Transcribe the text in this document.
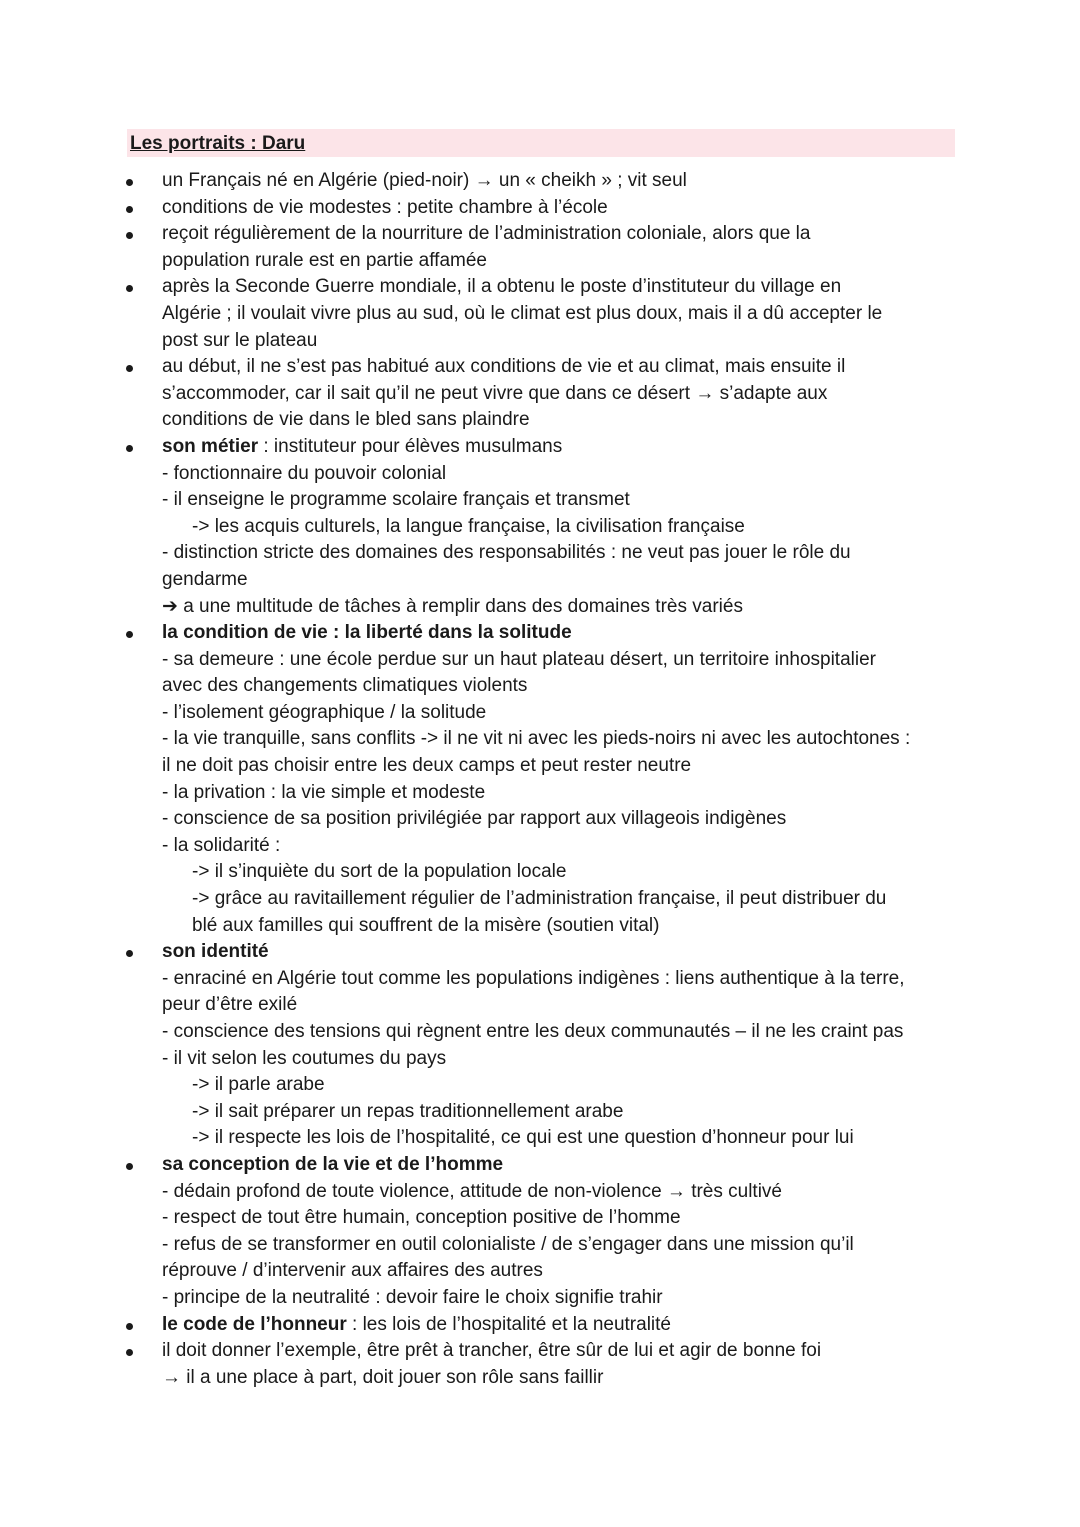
Les portraits : Daru
un Français né en Algérie (pied-noir) → un « cheikh » ; vit seul
conditions de vie modestes : petite chambre à l’école
reçoit régulièrement de la nourriture de l’administration coloniale, alors que la
population rurale est en partie affamée
après la Seconde Guerre mondiale, il a obtenu le poste d’instituteur du village en
Algérie ; il voulait vivre plus au sud, où le climat est plus doux, mais il a dû accepter le
post sur le plateau
au début, il ne s’est pas habitué aux conditions de vie et au climat, mais ensuite il
s’accommoder, car il sait qu’il ne peut vivre que dans ce désert → s’adapte aux
conditions de vie dans le bled sans plaindre
son métier : instituteur pour élèves musulmans
- fonctionnaire du pouvoir colonial
- il enseigne le programme scolaire français et transmet
-> les acquis culturels, la langue française, la civilisation française
- distinction stricte des domaines des responsabilités : ne veut pas jouer le rôle du
gendarme
➔ a une multitude de tâches à remplir dans des domaines très variés
la condition de vie : la liberté dans la solitude
- sa demeure : une école perdue sur un haut plateau désert, un territoire inhospitalier
avec des changements climatiques violents
- l’isolement géographique / la solitude
- la vie tranquille, sans conflits -> il ne vit ni avec les pieds-noirs ni avec les autochtones :
il ne doit pas choisir entre les deux camps et peut rester neutre
- la privation : la vie simple et modeste
- conscience de sa position privilégiée par rapport aux villageois indigènes
- la solidarité :
-> il s’inquiète du sort de la population locale
-> grâce au ravitaillement régulier de l’administration française, il peut distribuer du
blé aux familles qui souffrent de la misère (soutien vital)
son identité
- enraciné en Algérie tout comme les populations indigènes : liens authentique à la terre,
peur d’être exilé
- conscience des tensions qui règnent entre les deux communautés – il ne les craint pas
- il vit selon les coutumes du pays
-> il parle arabe
-> il sait préparer un repas traditionnellement arabe
-> il respecte les lois de l’hospitalité, ce qui est une question d’honneur pour lui
sa conception de la vie et de l’homme
- dédain profond de toute violence, attitude de non-violence → très cultivé
- respect de tout être humain, conception positive de l’homme
- refus de se transformer en outil colonialiste / de s’engager dans une mission qu’il
réprouve / d’intervenir aux affaires des autres
- principe de la neutralité : devoir faire le choix signifie trahir
le code de l’honneur : les lois de l’hospitalité et la neutralité
il doit donner l’exemple, être prêt à trancher, être sûr de lui et agir de bonne foi
→ il a une place à part, doit jouer son rôle sans faillir
